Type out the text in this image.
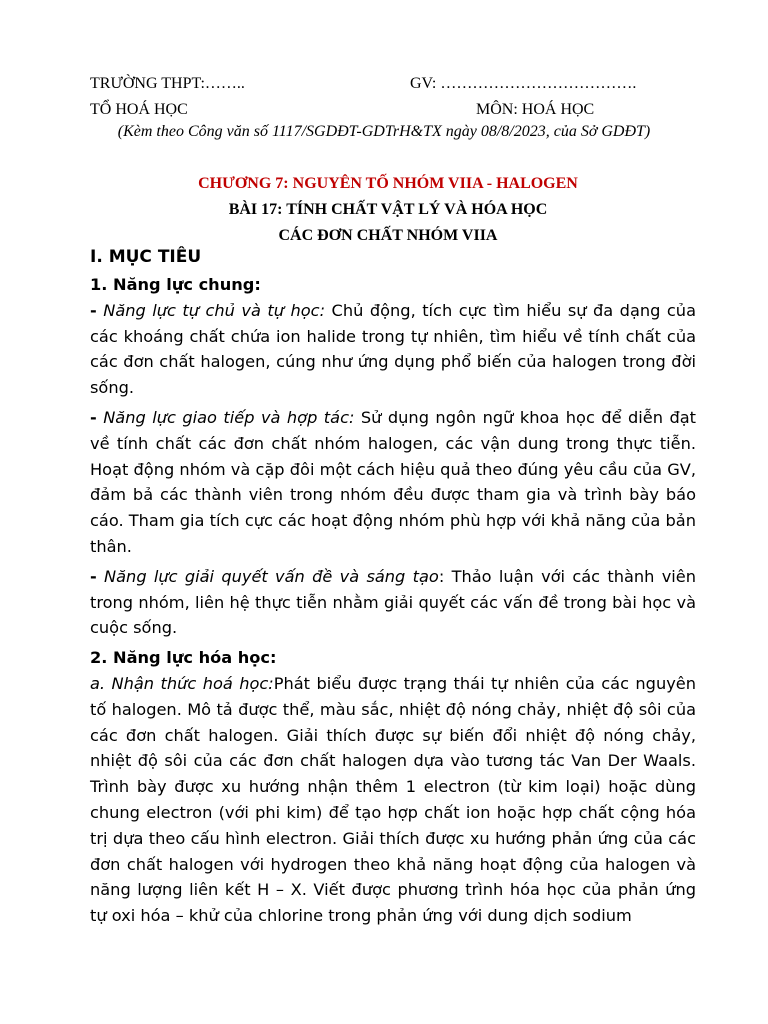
TRƯỜNG THPT:……..	GV: ……………………………….
TỔ HOÁ HỌC	MÔN: HOÁ HỌC
(Kèm theo Công văn số 1117/SGDĐT-GDTrH&TX ngày 08/8/2023, của Sở GDĐT)
CHƯƠNG 7: NGUYÊN TỐ NHÓM VIIA - HALOGEN
BÀI 17: TÍNH CHẤT VẬT LÝ VÀ HÓA HỌC
CÁC ĐƠN CHẤT NHÓM VIIA
I. MỤC TIÊU
1. Năng lực chung:

- Năng lực tự chủ và tự học: Chủ động, tích cực tìm hiểu sự đa dạng của các khoáng chất chứa ion halide trong tự nhiên, tìm hiểu về tính chất của các đơn chất halogen, cúng như ứng dụng phổ biến của halogen trong đời sống.

- Năng lực giao tiếp và hợp tác: Sử dụng ngôn ngữ khoa học để diễn đạt về tính chất các đơn chất nhóm halogen, các vận dung trong thực tiễn. Hoạt động nhóm và cặp đôi một cách hiệu quả theo đúng yêu cầu của GV, đảm bả các thành viên trong nhóm đều được tham gia và trình bày báo cáo. Tham gia tích cực các hoạt động nhóm phù hợp với khả năng của bản thân.

- Năng lực giải quyết vấn đề và sáng tạo: Thảo luận với các thành viên trong nhóm, liên hệ thực tiễn nhằm giải quyết các vấn đề trong bài học và cuộc sống.

2. Năng lực hóa học:

a. Nhận thức hoá học:Phát biểu được trạng thái tự nhiên của các nguyên tố halogen. Mô tả được thể, màu sắc, nhiệt độ nóng chảy, nhiệt độ sôi của các đơn chất halogen. Giải thích được sự biến đổi nhiệt độ nóng chảy, nhiệt độ sôi của các đơn chất halogen dựa vào tương tác Van Der Waals. Trình bày được xu hướng nhận thêm 1 electron (từ kim loại) hoặc dùng chung electron (với phi kim) để tạo hợp chất ion hoặc hợp chất cộng hóa trị dựa theo cấu hình electron. Giải thích được xu hướng phản ứng của các đơn chất halogen với hydrogen theo khả năng hoạt động của halogen và năng lượng liên kết H – X. Viết được phương trình hóa học của phản ứng tự oxi hóa – khử của chlorine trong phản ứng với dung dịch sodium
